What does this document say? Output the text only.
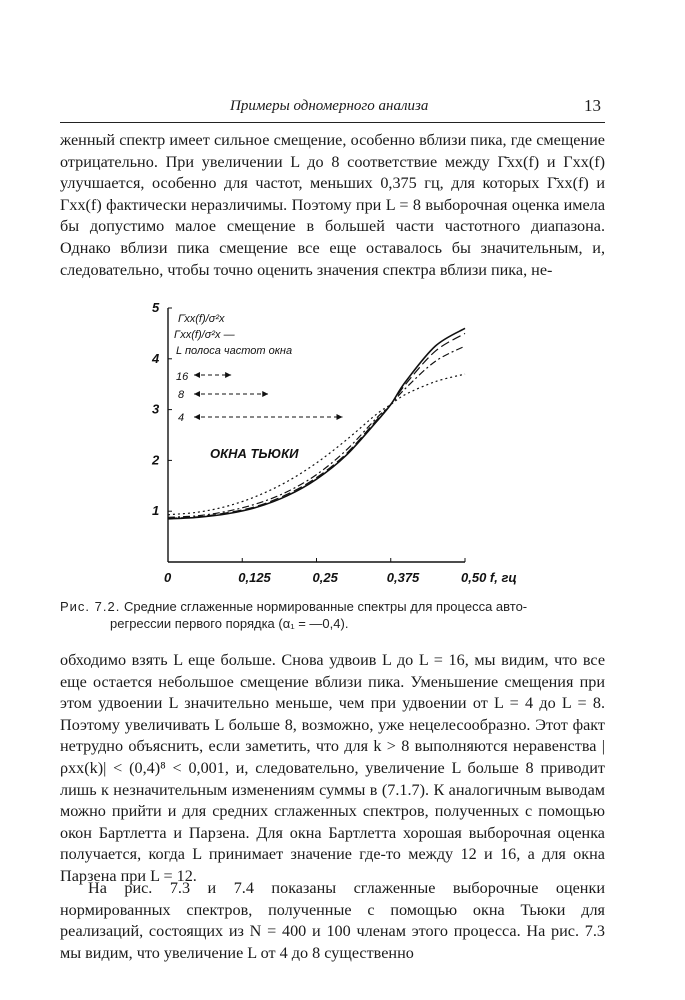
Примеры одномерного анализа	13

женный спектр имеет сильное смещение, особенно вблизи пика, где смещение отрицательно. При увеличении L до 8 соответствие между Γ̄xx(f) и Γxx(f) улучшается, особенно для частот, меньших 0,375 гц, для которых Γ̄xx(f) и Γxx(f) фактически неразличимы. Поэтому при L = 8 выборочная оценка имела бы допустимо малое смещение в большей части частотного диапазона. Однако вблизи пика смещение все еще оставалось бы значительным, и, следовательно, чтобы точно оценить значения спектра вблизи пика, не-

0	0,125	0,25	0,375	0,50 f, гц
1
2
3
4
5
Γ̄xx(f)/σ²x
Γxx(f)/σ²x —
L полоса частот окна
ОКНА ТЬЮКИ
16
8
4
Рис. 7.2. Средние сглаженные нормированные спектры для процесса авто-
регрессии первого порядка (α₁ = —0,4).

обходимо взять L еще больше. Снова удвоив L до L = 16, мы видим, что все еще остается небольшое смещение вблизи пика. Уменьшение смещения при этом удвоении L значительно меньше, чем при удвоении от L = 4 до L = 8. Поэтому увеличивать L больше 8, возможно, уже нецелесообразно. Этот факт нетрудно объяснить, если заметить, что для k > 8 выполняются неравенства |ρxx(k)| < (0,4)⁸ < 0,001, и, следовательно, увеличение L больше 8 приводит лишь к незначительным изменениям суммы в (7.1.7). К аналогичным выводам можно прийти и для средних сглаженных спектров, полученных с помощью окон Бартлетта и Парзена. Для окна Бартлетта хорошая выборочная оценка получается, когда L принимает значение где-то между 12 и 16, а для окна Парзена при L = 12.

На рис. 7.3 и 7.4 показаны сглаженные выборочные оценки нормированных спектров, полученные с помощью окна Тьюки для реализаций, состоящих из N = 400 и 100 членам этого процесса. На рис. 7.3 мы видим, что увеличение L от 4 до 8 существенно
